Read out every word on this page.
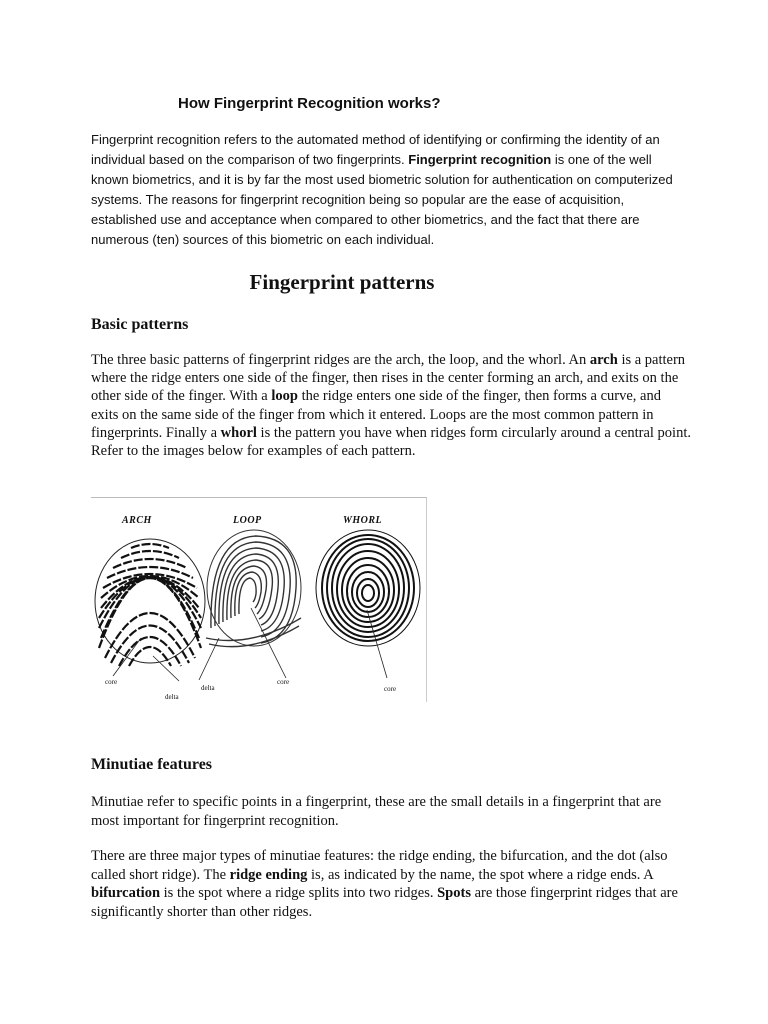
How Fingerprint Recognition works?
Fingerprint recognition refers to the automated method of identifying or confirming the identity of an individual based on the comparison of two fingerprints. Fingerprint recognition is one of the well known biometrics, and it is by far the most used biometric solution for authentication on computerized systems. The reasons for fingerprint recognition being so popular are the ease of acquisition, established use and acceptance when compared to other biometrics, and the fact that there are numerous (ten) sources of this biometric on each individual.
Fingerprint patterns
Basic patterns
The three basic patterns of fingerprint ridges are the arch, the loop, and the whorl. An arch is a pattern where the ridge enters one side of the finger, then rises in the center forming an arch, and exits on the other side of the finger. With a loop the ridge enters one side of the finger, then forms a curve, and exits on the same side of the finger from which it entered. Loops are the most common pattern in fingerprints. Finally a whorl is the pattern you have when ridges form circularly around a central point.
Refer to the images below for examples of each pattern.
ARCH	LOOP	WHORL
core
delta
delta
core
core
Minutiae features
Minutiae refer to specific points in a fingerprint, these are the small details in a fingerprint that are most important for fingerprint recognition.
There are three major types of minutiae features: the ridge ending, the bifurcation, and the dot (also called short ridge). The ridge ending is, as indicated by the name, the spot where a ridge ends. A bifurcation is the spot where a ridge splits into two ridges. Spots are those fingerprint ridges that are significantly shorter than other ridges.
